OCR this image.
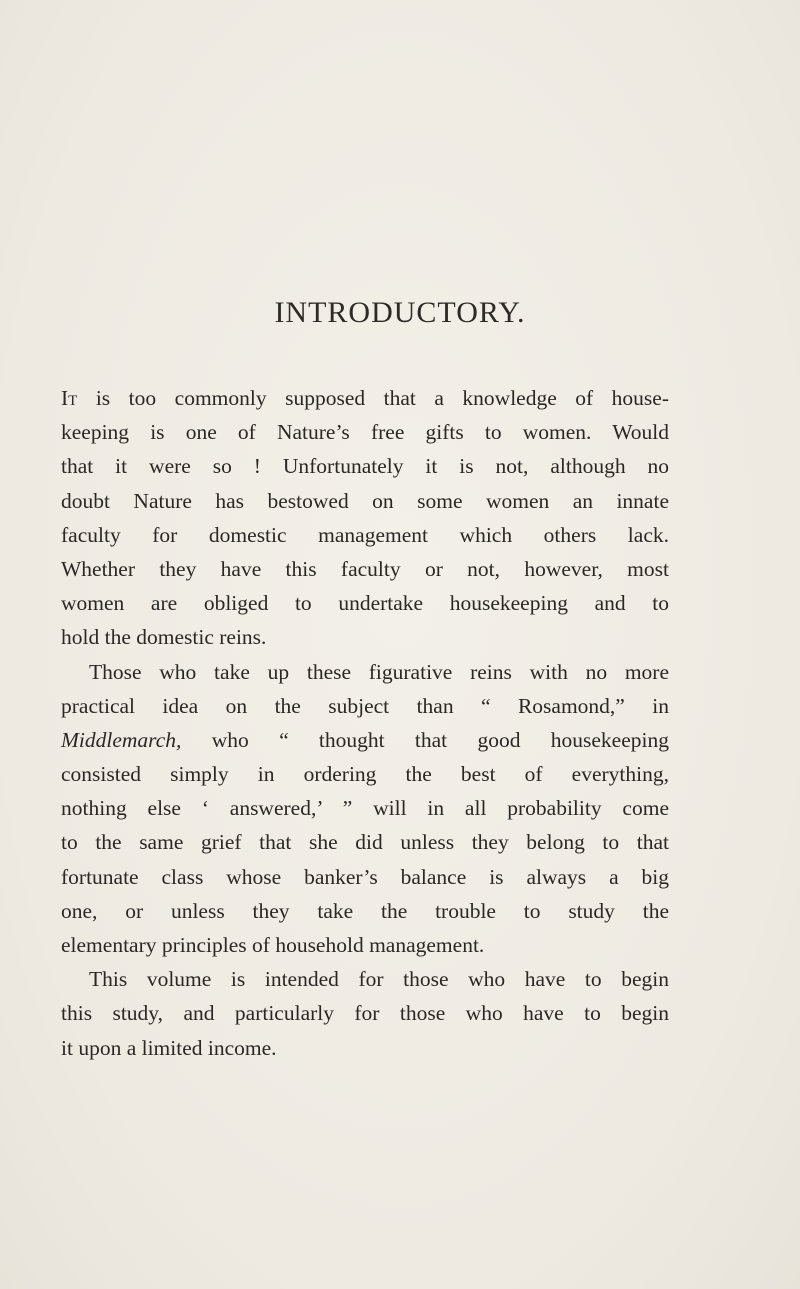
INTRODUCTORY.
It is too commonly supposed that a knowledge of house-
keeping is one of Nature’s free gifts to women. Would
that it were so ! Unfortunately it is not, although no
doubt Nature has bestowed on some women an innate
faculty for domestic management which others lack.
Whether they have this faculty or not, however, most
women are obliged to undertake housekeeping and to
hold the domestic reins.
Those who take up these figurative reins with no more
practical idea on the subject than “ Rosamond,” in
Middlemarch, who “ thought that good housekeeping
consisted simply in ordering the best of everything,
nothing else ‘ answered,’ ” will in all probability come
to the same grief that she did unless they belong to that
fortunate class whose banker’s balance is always a big
one, or unless they take the trouble to study the
elementary principles of household management.
This volume is intended for those who have to begin
this study, and particularly for those who have to begin
it upon a limited income.
